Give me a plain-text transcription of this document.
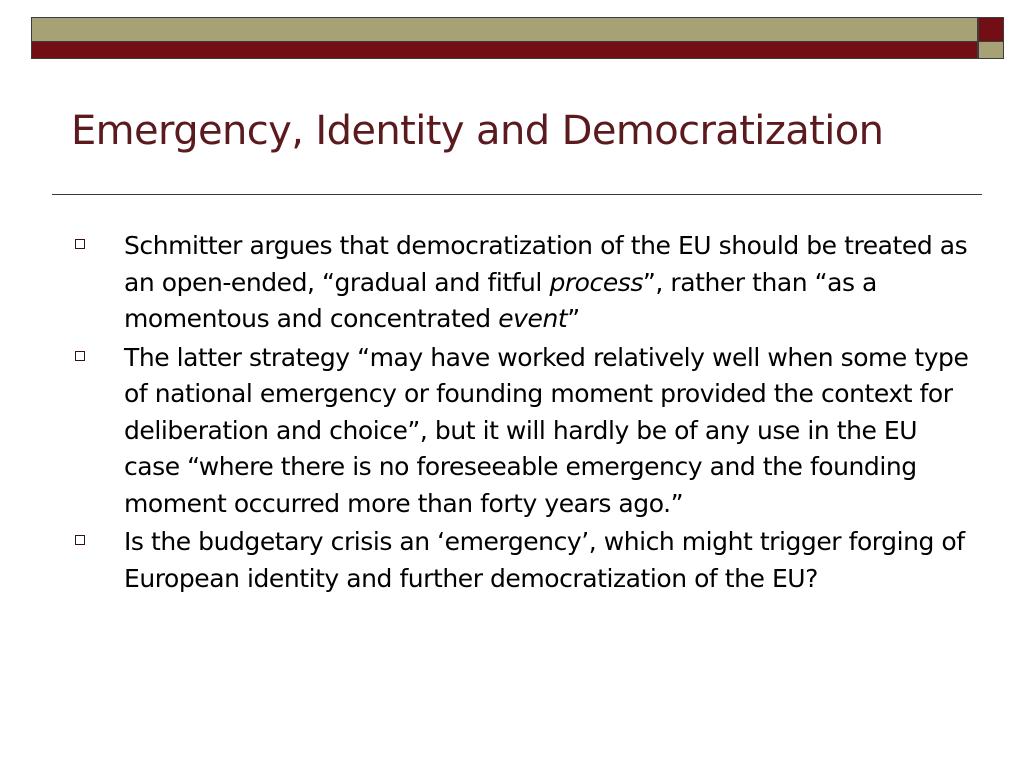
Emergency, Identity and Democratization
Schmitter argues that democratization of the EU should be treated as an open-ended, “gradual and fitful process”, rather than “as a momentous and concentrated event”
The latter strategy “may have worked relatively well when some type of national emergency or founding moment provided the context for deliberation and choice”, but it will hardly be of any use in the EU case “where there is no foreseeable emergency and the founding moment occurred more than forty years ago.”
Is the budgetary crisis an ‘emergency’, which might trigger forging of European identity and further democratization of the EU?
